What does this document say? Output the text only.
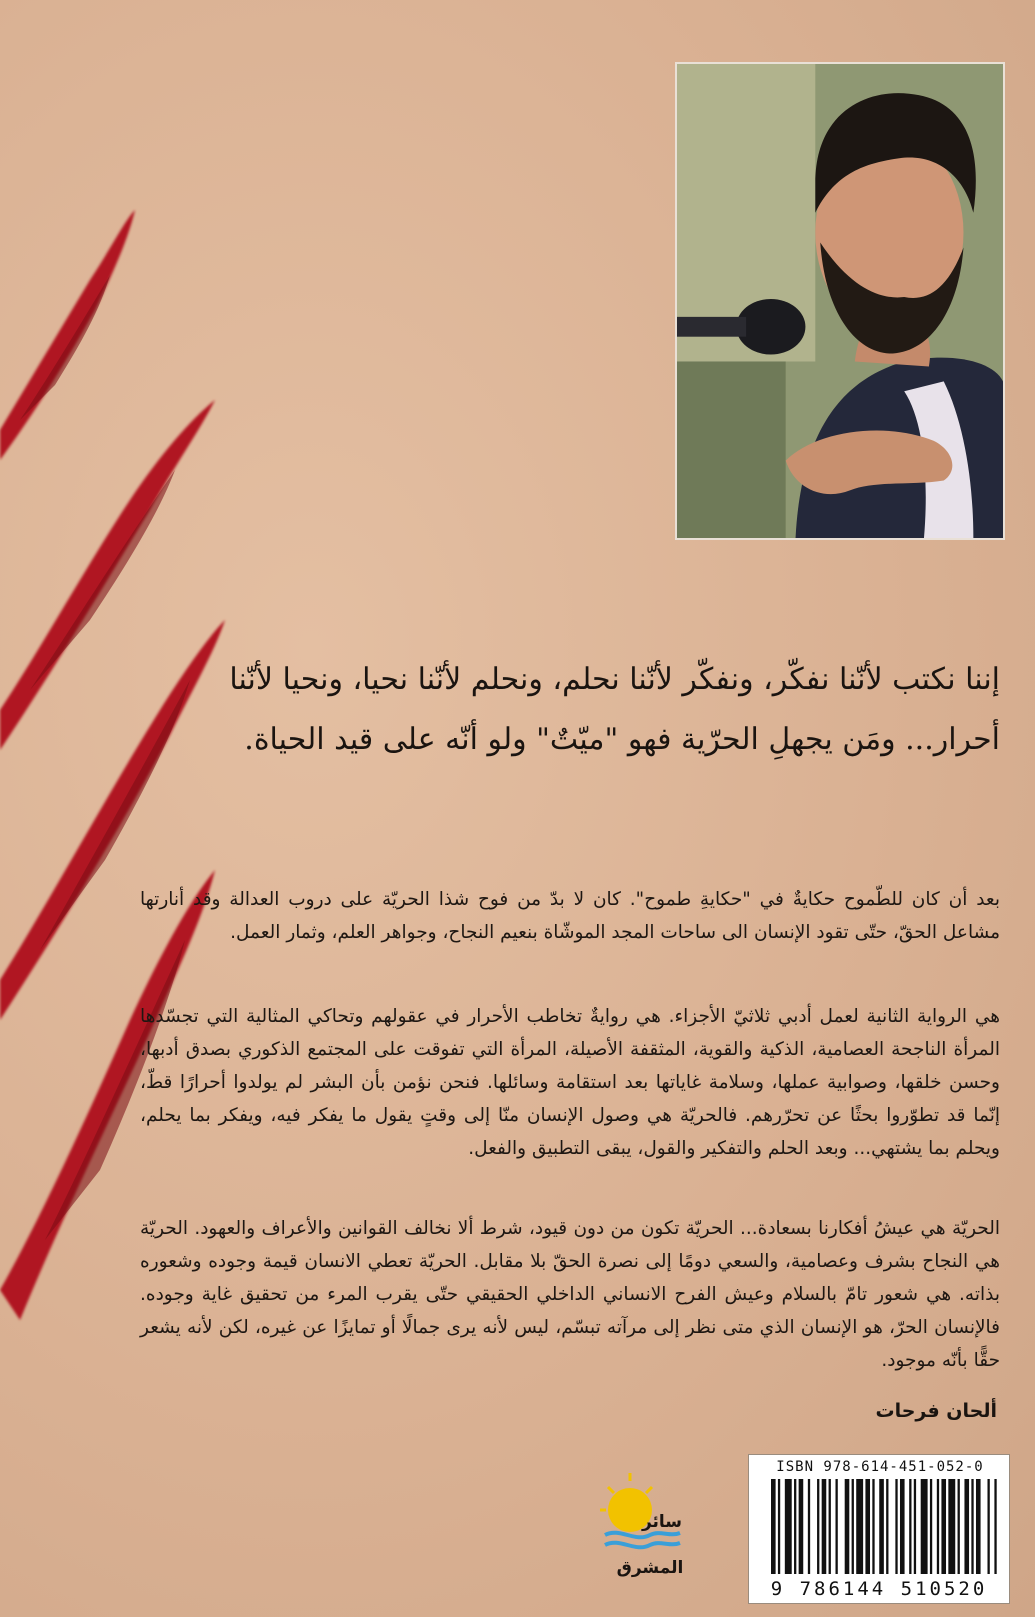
إننا نكتب لأنّنا نفكّر، ونفكّر لأنّنا نحلم، ونحلم لأنّنا نحيا، ونحيا لأنّنا

أحرار... ومَن يجهلِ الحرّية فهو "ميّتٌ" ولو أنّه على قيد الحياة.

بعد أن كان للطّموح حكايةٌ في "حكايةِ طموح". كان لا بدّ من فوح شذا الحريّة على دروب العدالة وقد أنارتها مشاعل الحقّ، حتّى تقود الإنسان الى ساحات المجد الموشّاة بنعيم النجاح، وجواهر العلم، وثمار العمل.

هي الرواية الثانية لعمل أدبي ثلاثيّ الأجزاء. هي روايةٌ تخاطب الأحرار في عقولهم وتحاكي المثالية التي تجسّدها المرأة الناجحة العصامية، الذكية والقوية، المثقفة الأصيلة، المرأة التي تفوقت على المجتمع الذكوري بصدق أدبها، وحسن خلقها، وصوابية عملها، وسلامة غاياتها بعد استقامة وسائلها. فنحن نؤمن بأن البشر لم يولدوا أحرارًا قطّ، إنّما قد تطوّروا بحثًا عن تحرّرهم. فالحريّة هي وصول الإنسان منّا إلى وقتٍ يقول ما يفكر فيه، ويفكر بما يحلم، ويحلم بما يشتهي... وبعد الحلم والتفكير والقول، يبقى التطبيق والفعل.

الحريّة هي عيشُ أفكارنا بسعادة... الحريّة تكون من دون قيود، شرط ألا نخالف القوانين والأعراف والعهود. الحريّة هي النجاح بشرف وعصامية، والسعي دومًا إلى نصرة الحقّ بلا مقابل. الحريّة تعطي الانسان قيمة وجوده وشعوره بذاته. هي شعور تامّ بالسلام وعيش الفرح الانساني الداخلي الحقيقي حتّى يقرب المرء من تحقيق غاية وجوده. فالإنسان الحرّ، هو الإنسان الذي متى نظر إلى مرآته تبسّم، ليس لأنه يرى جمالًا أو تمايزًا عن غيره، لكن لأنه يشعر حقًّا بأنّه موجود.

ألحان فرحات
سائر
المشرق
ISBN 978-614-451-052-0
9 786144 510520
